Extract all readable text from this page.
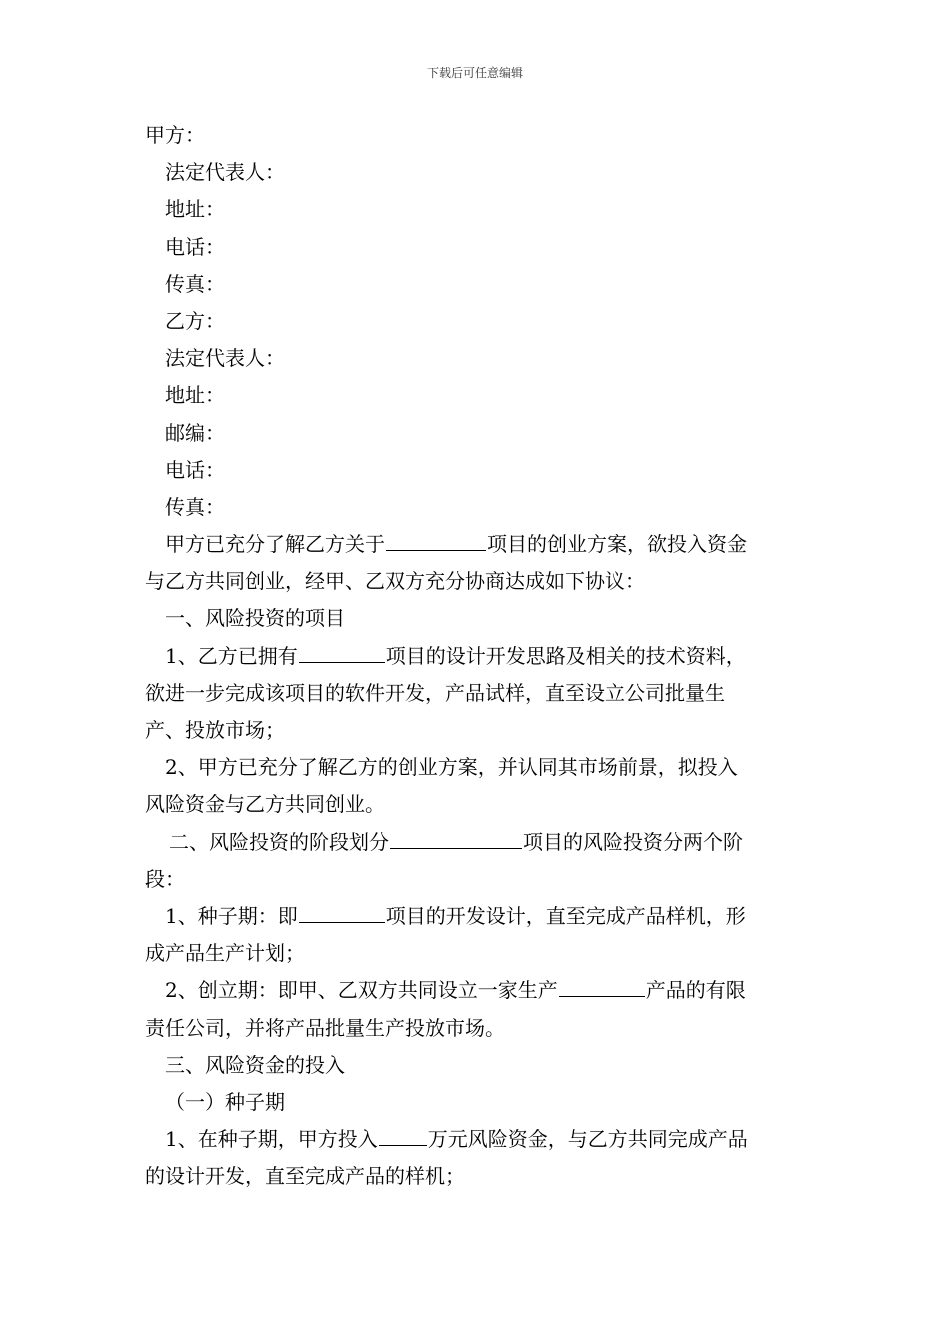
下载后可任意编辑
甲方：
法定代表人：
地址：
电话：
传真：
乙方：
法定代表人：
地址：
邮编：
电话：
传真：
甲方已充分了解乙方关于	项目的创业方案，欲投入资金
与乙方共同创业，经甲、乙双方充分协商达成如下协议：
一、风险投资的项目
1、乙方已拥有	项目的设计开发思路及相关的技术资料，
欲进一步完成该项目的软件开发，产品试样，直至设立公司批量生
产、投放市场；
2、甲方已充分了解乙方的创业方案，并认同其市场前景，拟投入
风险资金与乙方共同创业。
二、风险投资的阶段划分	项目的风险投资分两个阶
段：
1、种子期：即	项目的开发设计，直至完成产品样机，形
成产品生产计划；
2、创立期：即甲、乙双方共同设立一家生产	产品的有限
责任公司，并将产品批量生产投放市场。
三、风险资金的投入
（一）种子期
1、在种子期，甲方投入	万元风险资金，与乙方共同完成产品
的设计开发，直至完成产品的样机；
